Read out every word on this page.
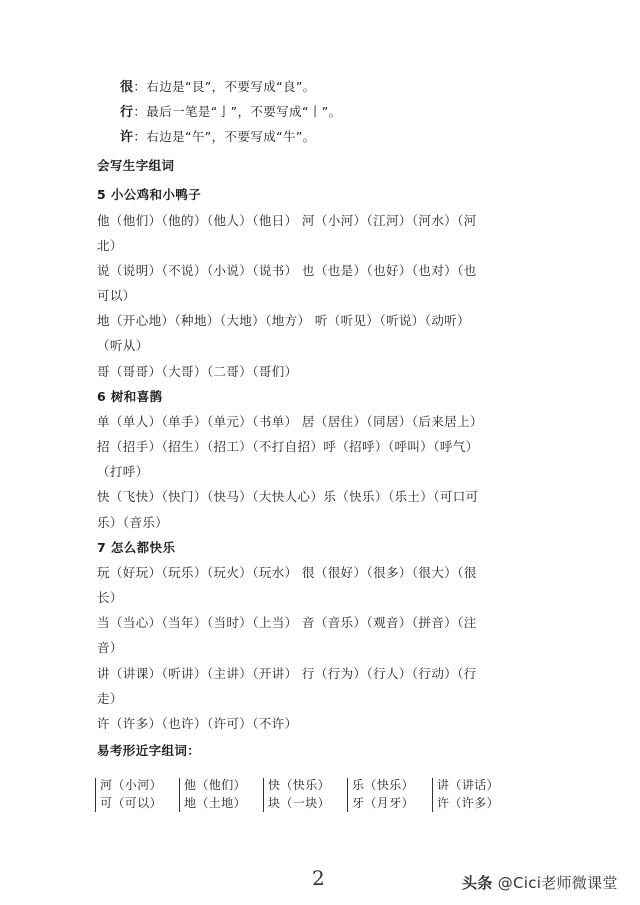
很：右边是“艮”，不要写成“良”。
行：最后一笔是“亅”，不要写成“丨”。
许：右边是“午”，不要写成“牛”。
会写生字组词
5 小公鸡和小鸭子
他（他们）（他的）（他人）（他日） 河（小河）（江河）（河水）（河
北）
说（说明）（不说）（小说）（说书） 也（也是）（也好）（也对）（也
可以）
地（开心地）（种地）（大地）（地方） 听（听见）（听说）（动听）
（听从）
哥（哥哥）（大哥）（二哥）（哥们）
6 树和喜鹊
单（单人）（单手）（单元）（书单） 居（居住）（同居）（后来居上）
招（招手）（招生）（招工）（不打自招）呼（招呼）（呼叫）（呼气）
（打呼）
快（飞快）（快门）（快马）（大快人心）乐（快乐）（乐土）（可口可
乐）（音乐）
7 怎么都快乐
玩（好玩）（玩乐）（玩火）（玩水） 很（很好）（很多）（很大）（很
长）
当（当心）（当年）（当时）（上当） 音（音乐）（观音）（拼音）（注
音）
讲（讲课）（听讲）（主讲）（开讲） 行（行为）（行人）（行动）（行
走）
许（许多）（也许）（许可）（不许）
易考形近字组词：
河（小河）
可（可以）
他（他们）
地（土地）
快（快乐）
块（一块）
乐（快乐）
牙（月牙）
讲（讲话）
许（许多）
2	头条 @Cici老师微课堂
